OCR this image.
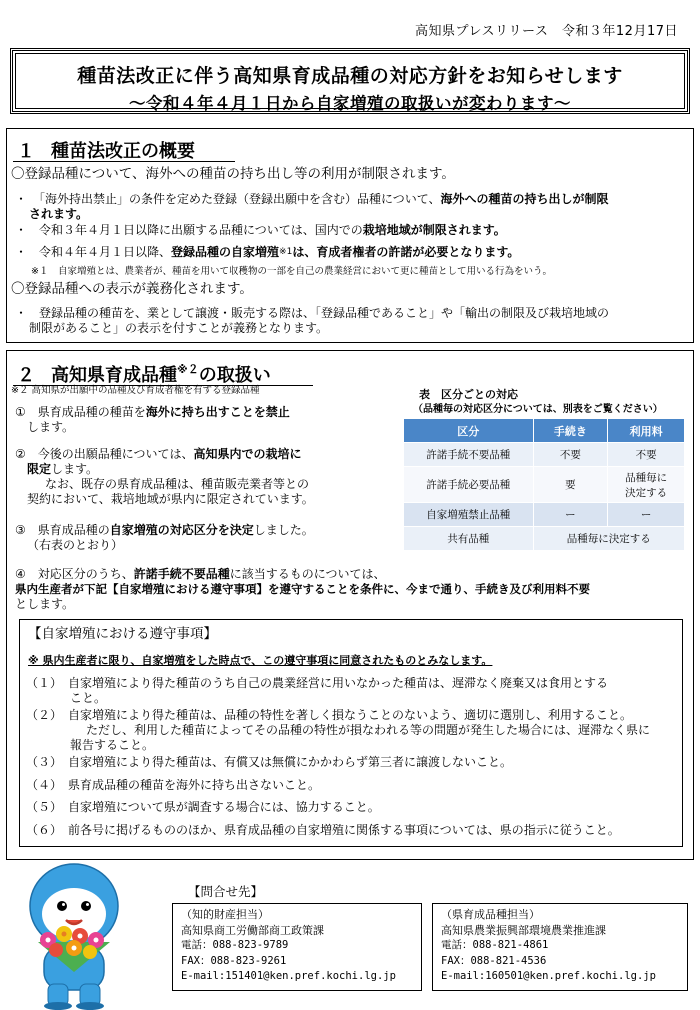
高知県プレスリリース　令和３年12月17日
種苗法改正に伴う高知県育成品種の対応方針をお知らせします
～令和４年４月１日から自家増殖の取扱いが変わります～
１ 種苗法改正の概要
〇登録品種について、海外への種苗の持ち出し等の利用が制限されます。
・　「海外持出禁止」の条件を定めた登録（登録出願中を含む）品種について、海外への種苗の持ち出しが制限
されます。
・　令和３年４月１日以降に出願する品種については、国内での栽培地域が制限されます。
・　令和４年４月１日以降、登録品種の自家増殖$^{※1}$は、育成者権者の許諾が必要となります。
※１　自家増殖とは、農業者が、種苗を用いて収穫物の一部を自己の農業経営において更に種苗として用いる行為をいう。
〇登録品種への表示が義務化されます。
・　登録品種の種苗を、業として譲渡・販売する際は、「登録品種であること」や「輸出の制限及び栽培地域の
制限があること」の表示を付すことが義務となります。
２ 高知県育成品種$^{※2}$の取扱い
※２ 高知県が出願中の品種及び育成者権を有する登録品種
①　県育成品種の種苗を海外に持ち出すことを禁止
します。
②　今後の出願品種については、高知県内での栽培に
限定します。
なお、既存の県育成品種は、種苗販売業者等との
契約において、栽培地域が県内に限定されています。
③　県育成品種の自家増殖の対応区分を決定しました。
（右表のとおり）
表　区分ごとの対応
（品種毎の対応区分については、別表をご覧ください）
区分	手続き	利用料
許諾手続不要品種	不要	不要
許諾手続必要品種	要	品種毎に
決定する
自家増殖禁止品種	ー	ー
共有品種	品種毎に決定する	
④　対応区分のうち、許諾手続不要品種に該当するものについては、
県内生産者が下記【自家増殖における遵守事項】を遵守することを条件に、今まで通り、手続き及び利用料不要
とします。
【自家増殖における遵守事項】
※ 県内生産者に限り、自家増殖をした時点で、この遵守事項に同意されたものとみなします。
（１）　自家増殖により得た種苗のうち自己の農業経営に用いなかった種苗は、遅滞なく廃棄又は食用とする
こと。
（２）　自家増殖により得た種苗は、品種の特性を著しく損なうことのないよう、適切に選別し、利用すること。
ただし、利用した種苗によってその品種の特性が損なわれる等の問題が発生した場合には、遅滞なく県に
報告すること。
（３）　自家増殖により得た種苗は、有償又は無償にかかわらず第三者に譲渡しないこと。
（４）　県育成品種の種苗を海外に持ち出さないこと。
（５）　自家増殖について県が調査する場合には、協力すること。
（６）　前各号に掲げるもののほか、県育成品種の自家増殖に関係する事項については、県の指示に従うこと。
【問合せ先】
（知的財産担当）
高知県商工労働部商工政策課
電話：088-823-9789
FAX：088-823-9261
E-mail:151401@ken.pref.kochi.lg.jp
（県育成品種担当）
高知県農業振興部環境農業推進課
電話：088-821-4861
FAX：088-821-4536
E-mail:160501@ken.pref.kochi.lg.jp
